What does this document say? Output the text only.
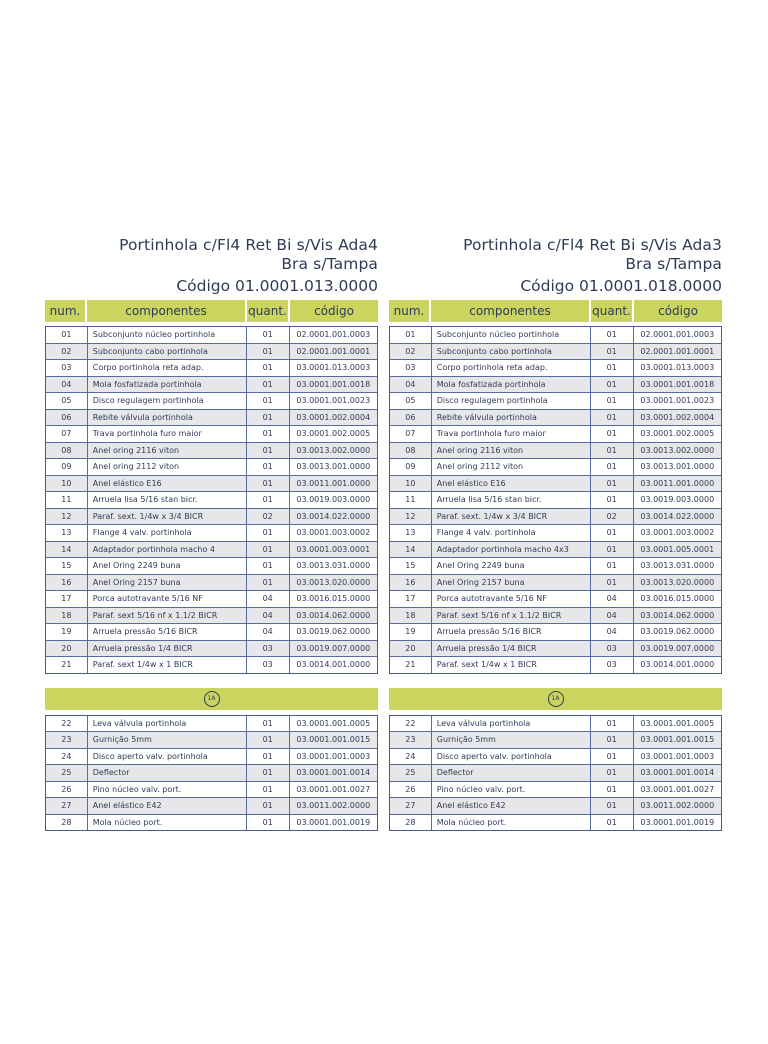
Portinhola c/Fl4 Ret Bi s/Vis Ada4
Bra s/Tampa
Código 01.0001.013.0000
num.	componentes	quant.	código
01	Subconjunto núcleo portinhola	01	02.0001.001.0003
02	Subconjunto cabo portinhola	01	02.0001.001.0001
03	Corpo portinhola reta adap.	01	03.0001.013.0003
04	Mola fosfatizada portinhola	01	03.0001.001.0018
05	Disco regulagem portinhola	01	03.0001.001.0023
06	Rebite válvula portinhola	01	03.0001.002.0004
07	Trava portinhola furo maior	01	03.0001.002.0005
08	Anel oring 2116 viton	01	03.0013.002.0000
09	Anel oring 2112 viton	01	03.0013.001.0000
10	Anel elástico E16	01	03.0011.001.0000
11	Arruela lisa 5/16 stan bicr.	01	03.0019.003.0000
12	Paraf. sext. 1/4w x 3/4 BICR	02	03.0014.022.0000
13	Flange 4 valv. portinhola	01	03.0001.003.0002
14	Adaptador portinhola macho 4	01	03.0001.003.0001
15	Anel Oring 2249 buna	01	03.0013.031.0000
16	Anel Oring 2157 buna	01	03.0013.020.0000
17	Porca autotravante 5/16 NF	04	03.0016.015.0000
18	Paraf. sext 5/16 nf x 1.1/2 BICR	04	03.0014.062.0000
19	Arruela pressão 5/16 BICR	04	03.0019.062.0000
20	Arruela pressão 1/4 BICR	03	03.0019.007.0000
21	Paraf. sext 1/4w x 1 BICR	03	03.0014.001.0000
1A
22	Leva válvula portinhola	01	03.0001.001.0005
23	Gurnição 5mm	01	03.0001.001.0015
24	Disco aperto valv. portinhola	01	03.0001.001.0003
25	Deflector	01	03.0001.001.0014
26	Pino núcleo valv. port.	01	03.0001.001.0027
27	Anel elástico E42	01	03.0011.002.0000
28	Mola núcleo port.	01	03.0001.001.0019
Portinhola c/Fl4 Ret Bi s/Vis Ada3
Bra s/Tampa
Código 01.0001.018.0000
num.	componentes	quant.	código
01	Subconjunto núcleo portinhola	01	02.0001.001.0003
02	Subconjunto cabo portinhola	01	02.0001.001.0001
03	Corpo portinhola reta adap.	01	03.0001.013.0003
04	Mola fosfatizada portinhola	01	03.0001.001.0018
05	Disco regulagem portinhola	01	03.0001.001.0023
06	Rebite válvula portinhola	01	03.0001.002.0004
07	Trava portinhola furo maior	01	03.0001.002.0005
08	Anel oring 2116 viton	01	03.0013.002.0000
09	Anel oring 2112 viton	01	03.0013.001.0000
10	Anel elástico E16	01	03.0011.001.0000
11	Arruela lisa 5/16 stan bicr.	01	03.0019.003.0000
12	Paraf. sext. 1/4w x 3/4 BICR	02	03.0014.022.0000
13	Flange 4 valv. portinhola	01	03.0001.003.0002
14	Adaptador portinhola macho 4x3	01	03.0001.005.0001
15	Anel Oring 2249 buna	01	03.0013.031.0000
16	Anel Oring 2157 buna	01	03.0013.020.0000
17	Porca autotravante 5/16 NF	04	03.0016.015.0000
18	Paraf. sext 5/16 nf x 1.1/2 BICR	04	03.0014.062.0000
19	Arruela pressão 5/16 BICR	04	03.0019.062.0000
20	Arruela pressão 1/4 BICR	03	03.0019.007.0000
21	Paraf. sext 1/4w x 1 BICR	03	03.0014.001.0000
1A
22	Leva válvula portinhola	01	03.0001.001.0005
23	Gurnição 5mm	01	03.0001.001.0015
24	Disco aperto valv. portinhola	01	03.0001.001.0003
25	Deflector	01	03.0001.001.0014
26	Pino núcleo valv. port.	01	03.0001.001.0027
27	Anel elástico E42	01	03.0011.002.0000
28	Mola núcleo port.	01	03.0001.001.0019
